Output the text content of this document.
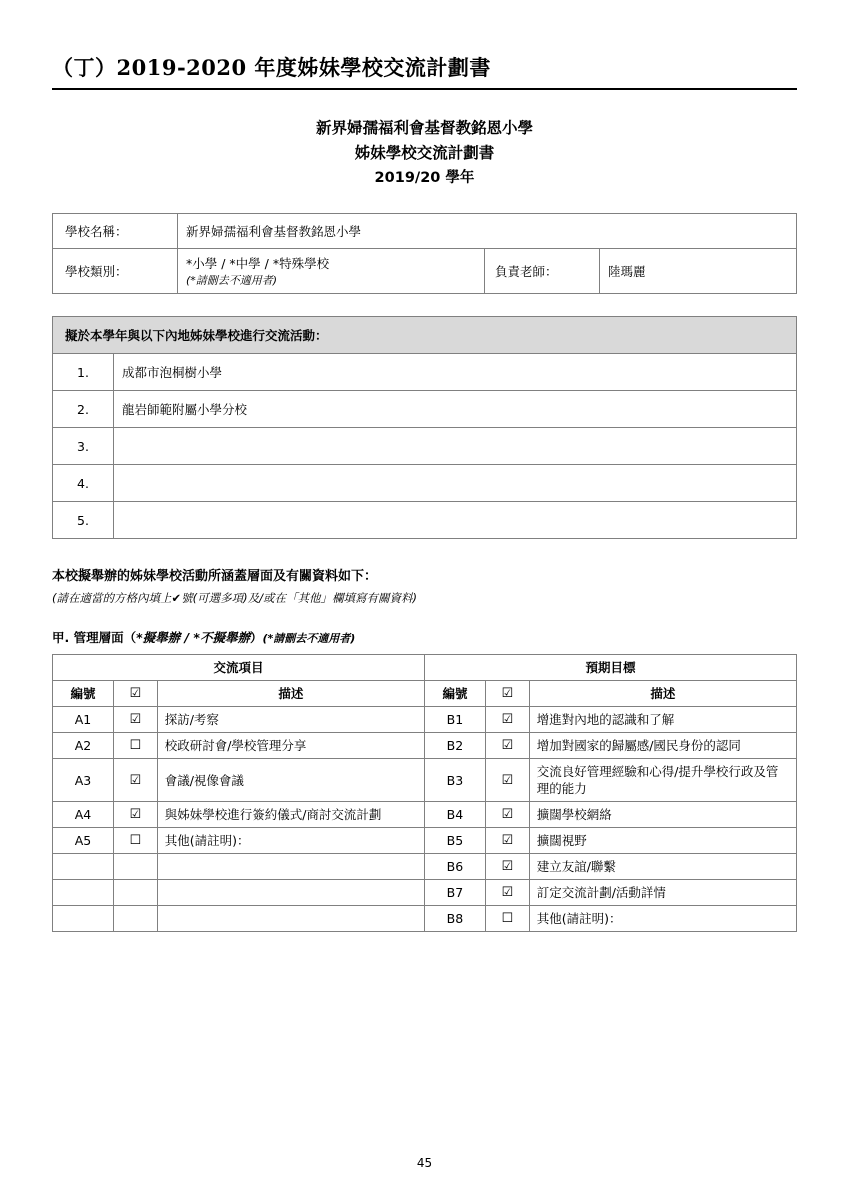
（丁）2019-2020 年度姊妹學校交流計劃書
新界婦孺福利會基督教銘恩小學
姊妹學校交流計劃書
2019/20 學年
學校名稱：	新界婦孺福利會基督教銘恩小學		
學校類別：	*小學 / *中學 / *特殊學校
(*請刪去不適用者)	負責老師：	陸瑪麗
擬於本學年與以下內地姊妹學校進行交流活動：	
1.	成都市泡桐樹小學
2.	龍岩師範附屬小學分校
3.	
4.	
5.	
本校擬舉辦的姊妹學校活動所涵蓋層面及有關資料如下：
(請在適當的方格內填上✔號(可選多項)及/或在「其他」欄填寫有關資料)
甲. 管理層面（*擬舉辦 / *不擬舉辦）(*請刪去不適用者)
交流項目			預期目標		
編號	☑	描述	編號	☑	描述
A1	☑	探訪/考察	B1	☑	增進對內地的認識和了解
A2	☐	校政研討會/學校管理分享	B2	☑	增加對國家的歸屬感/國民身份的認同
A3	☑	會議/視像會議	B3	☑	交流良好管理經驗和心得/提升學校行政及管理的能力
A4	☑	與姊妹學校進行簽約儀式/商討交流計劃	B4	☑	擴闊學校網絡
A5	☐	其他(請註明)：	B5	☑	擴闊視野
			B6	☑	建立友誼/聯繫
			B7	☑	訂定交流計劃/活動詳情
			B8	☐	其他(請註明)：
45
